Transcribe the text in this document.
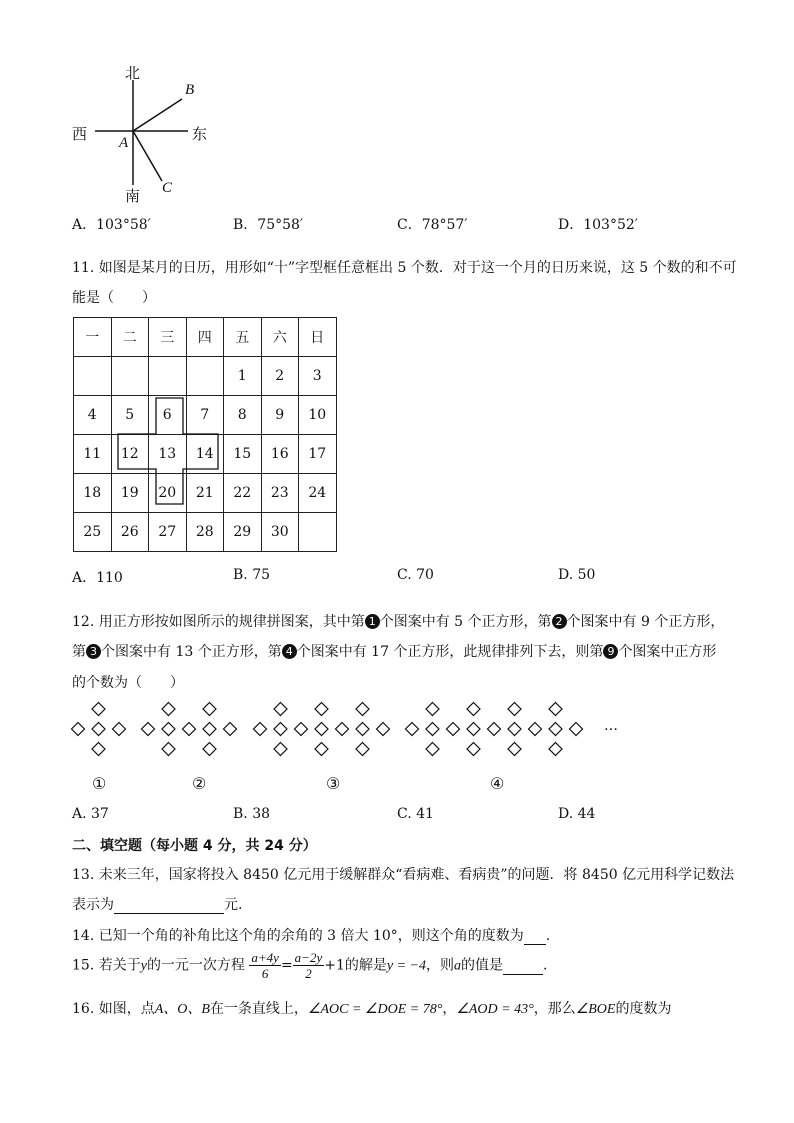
北
南
西	东
A
B
C
A．103°58′	B．75°58′	C．78°57′	D．103°52′
11. 如图是某月的日历，用形如“十”字型框任意框出 5 个数．对于这一个月的日历来说，这 5 个数的和不可
能是（　　）
一	二	三	四	五	六	日
				1	2	3
4	5	6	7	8	9	10
11	12	13	14	15	16	17
18	19	20	21	22	23	24
25	26	27	28	29	30	
A．110	B. 75	C. 70	D. 50
12. 用正方形按如图所示的规律拼图案，其中第 1 个图案中有 5 个正方形，第 2 个图案中有 9 个正方形，
第 3 个图案中有 13 个正方形，第 4 个图案中有 17 个正方形，此规律排列下去，则第 9 个图案中正方形
的个数为（　　）
…
①	②	③	④
A. 37	B. 38	C. 41	D. 44
二、填空题（每小题 4 分，共 24 分）
13. 未来三年，国家将投入 8450 亿元用于缓解群众“看病难、看病贵”的问题．将 8450 亿元用科学记数法
表示为	元.
14. 已知一个角的补角比这个角的余角的 3 倍大 10°，则这个角的度数为 .
15. 若关于y的一元一次方程 $\frac{a+4y}{6} = \frac{a-2y}{2} +1$的解是y = −4，则a的值是	.
16. 如图，点A、O、B在一条直线上，∠AOC = ∠DOE = 78°，∠AOD = 43°，那么∠BOE的度数为
